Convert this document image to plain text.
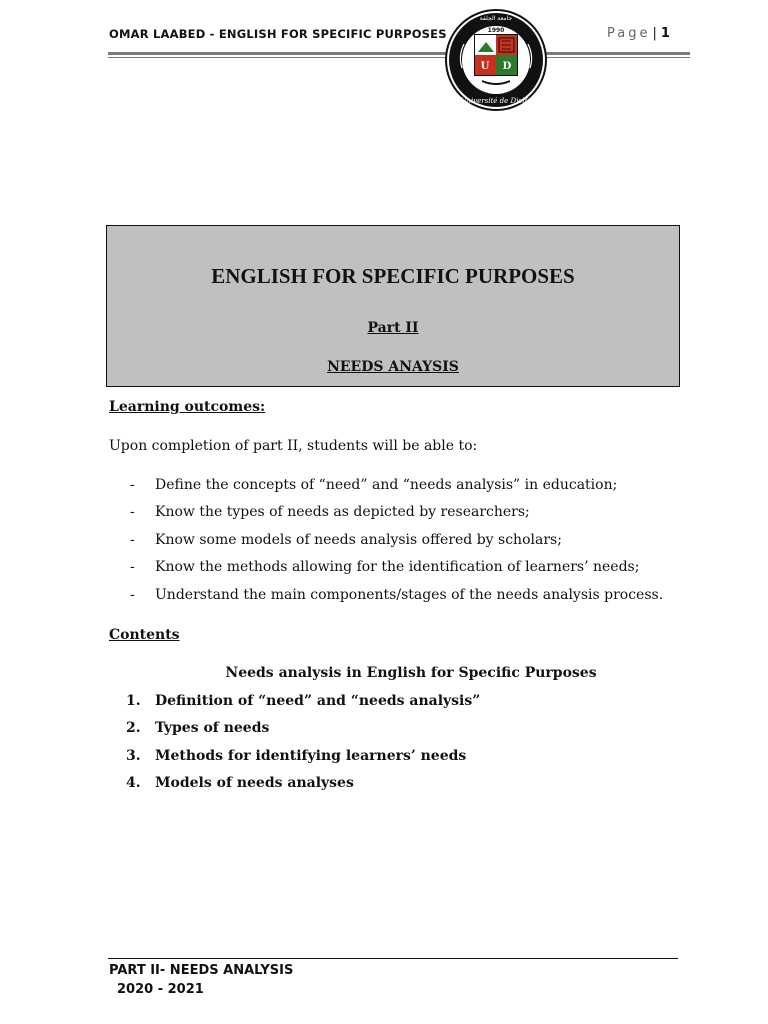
OMAR LAABED - ENGLISH FOR SPECIFIC PURPOSES	Page | 1
جامعة الجلفة
1990
U D
Université de Djelfa
ENGLISH FOR SPECIFIC PURPOSES
Part II
NEEDS ANAYSIS
Learning outcomes:
Upon completion of part II, students will be able to:
- Define the concepts of “need” and “needs analysis” in education;
- Know the types of needs as depicted by researchers;
- Know some models of needs analysis offered by scholars;
- Know the methods allowing for the identification of learners’ needs;
- Understand the main components/stages of the needs analysis process.
Contents
Needs analysis in English for Specific Purposes
1. Definition of “need” and “needs analysis”
2. Types of needs
3. Methods for identifying learners’ needs
4. Models of needs analyses
PART II- NEEDS ANALYSIS
2020 - 2021
